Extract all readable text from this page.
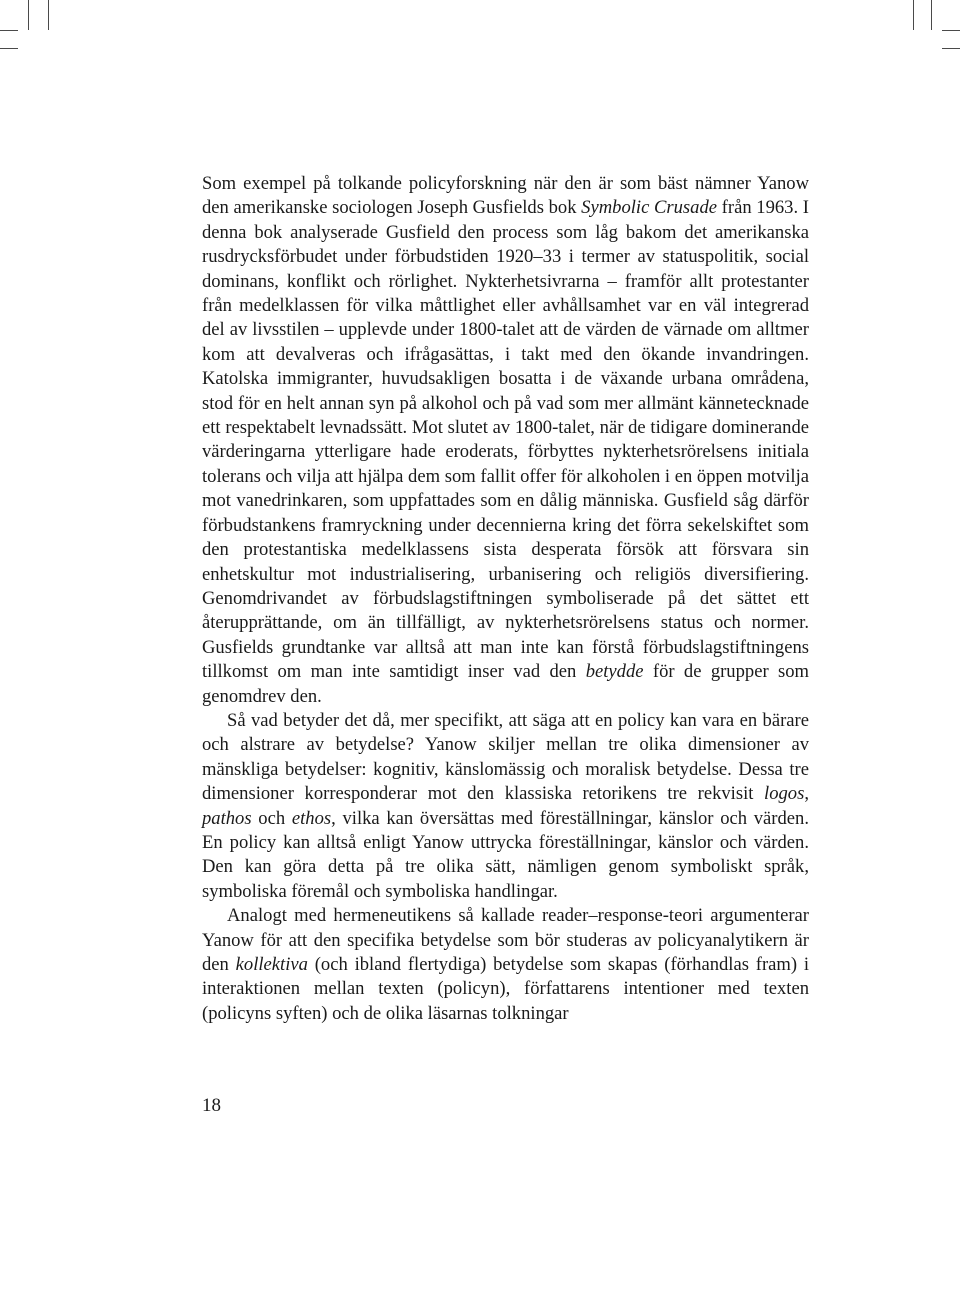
Som exempel på tolkande policyforskning när den är som bäst nämner Yanow den amerikanske sociologen Joseph Gusfields bok Symbolic Crusade från 1963. I denna bok analyserade Gusfield den process som låg bakom det amerikanska rusdrycksförbudet under förbudstiden 1920–33 i termer av statuspolitik, social dominans, konflikt och rörlighet. Nykterhetsivrarna – framför allt protestanter från medelklassen för vilka måttlighet eller avhållsamhet var en väl integrerad del av livsstilen – upplevde under 1800-talet att de värden de värnade om alltmer kom att devalveras och ifrågasättas, i takt med den ökande invandringen. Katolska immigranter, huvudsakligen bosatta i de växande urbana områdena, stod för en helt annan syn på alkohol och på vad som mer allmänt kännetecknade ett respektabelt levnadssätt. Mot slutet av 1800-talet, när de tidigare dominerande värderingarna ytterligare hade eroderats, förbyttes nykterhetsrörelsens initiala tolerans och vilja att hjälpa dem som fallit offer för alkoholen i en öppen motvilja mot vanedrinkaren, som uppfattades som en dålig människa. Gusfield såg därför förbudstankens framryckning under decennierna kring det förra sekelskiftet som den protestantiska medelklassens sista desperata försök att försvara sin enhetskultur mot industrialisering, urbanisering och religiös diversifiering. Genomdrivandet av förbudslagstiftningen symboliserade på det sättet ett återupprättande, om än tillfälligt, av nykterhetsrörelsens status och normer. Gusfields grundtanke var alltså att man inte kan förstå förbudslagstiftningens tillkomst om man inte samtidigt inser vad den betydde för de grupper som genomdrev den.

Så vad betyder det då, mer specifikt, att säga att en policy kan vara en bärare och alstrare av betydelse? Yanow skiljer mellan tre olika dimensioner av mänskliga betydelser: kognitiv, känslomässig och moralisk betydelse. Dessa tre dimensioner korresponderar mot den klassiska retorikens tre rekvisit logos, pathos och ethos, vilka kan översättas med föreställningar, känslor och värden. En policy kan alltså enligt Yanow uttrycka föreställningar, känslor och värden. Den kan göra detta på tre olika sätt, nämligen genom symboliskt språk, symboliska föremål och symboliska handlingar.

Analogt med hermeneutikens så kallade reader–response-teori argumenterar Yanow för att den specifika betydelse som bör studeras av policyanalytikern är den kollektiva (och ibland flertydiga) betydelse som skapas (förhandlas fram) i interaktionen mellan texten (policyn), författarens intentioner med texten (policyns syften) och de olika läsarnas tolkningar

18
